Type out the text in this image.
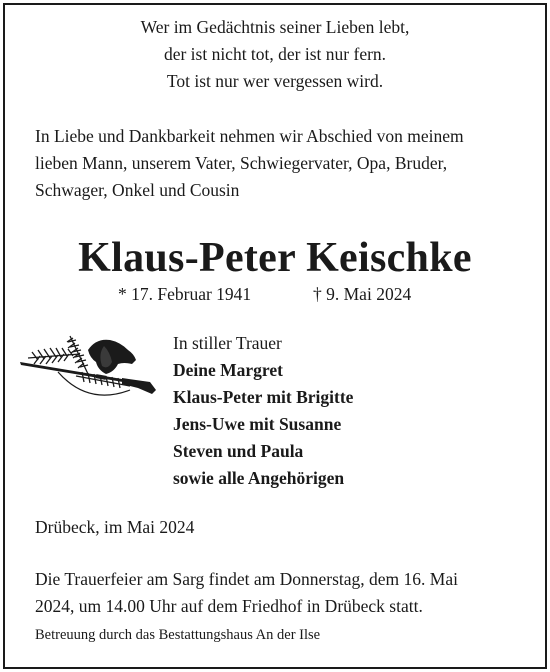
Wer im Gedächtnis seiner Lieben lebt,
der ist nicht tot, der ist nur fern.
Tot ist nur wer vergessen wird.
In Liebe und Dankbarkeit nehmen wir Abschied von meinem
lieben Mann, unserem Vater, Schwiegervater, Opa, Bruder,
Schwager, Onkel und Cousin
Klaus-Peter Keischke
* 17. Februar 1941	† 9. Mai 2024
In stiller Trauer
Deine Margret
Klaus-Peter mit Brigitte
Jens-Uwe mit Susanne
Steven und Paula
sowie alle Angehörigen
Drübeck, im Mai 2024
Die Trauerfeier am Sarg findet am Donnerstag, dem 16. Mai
2024, um 14.00 Uhr auf dem Friedhof in Drübeck statt.
Betreuung durch das Bestattungshaus An der Ilse
